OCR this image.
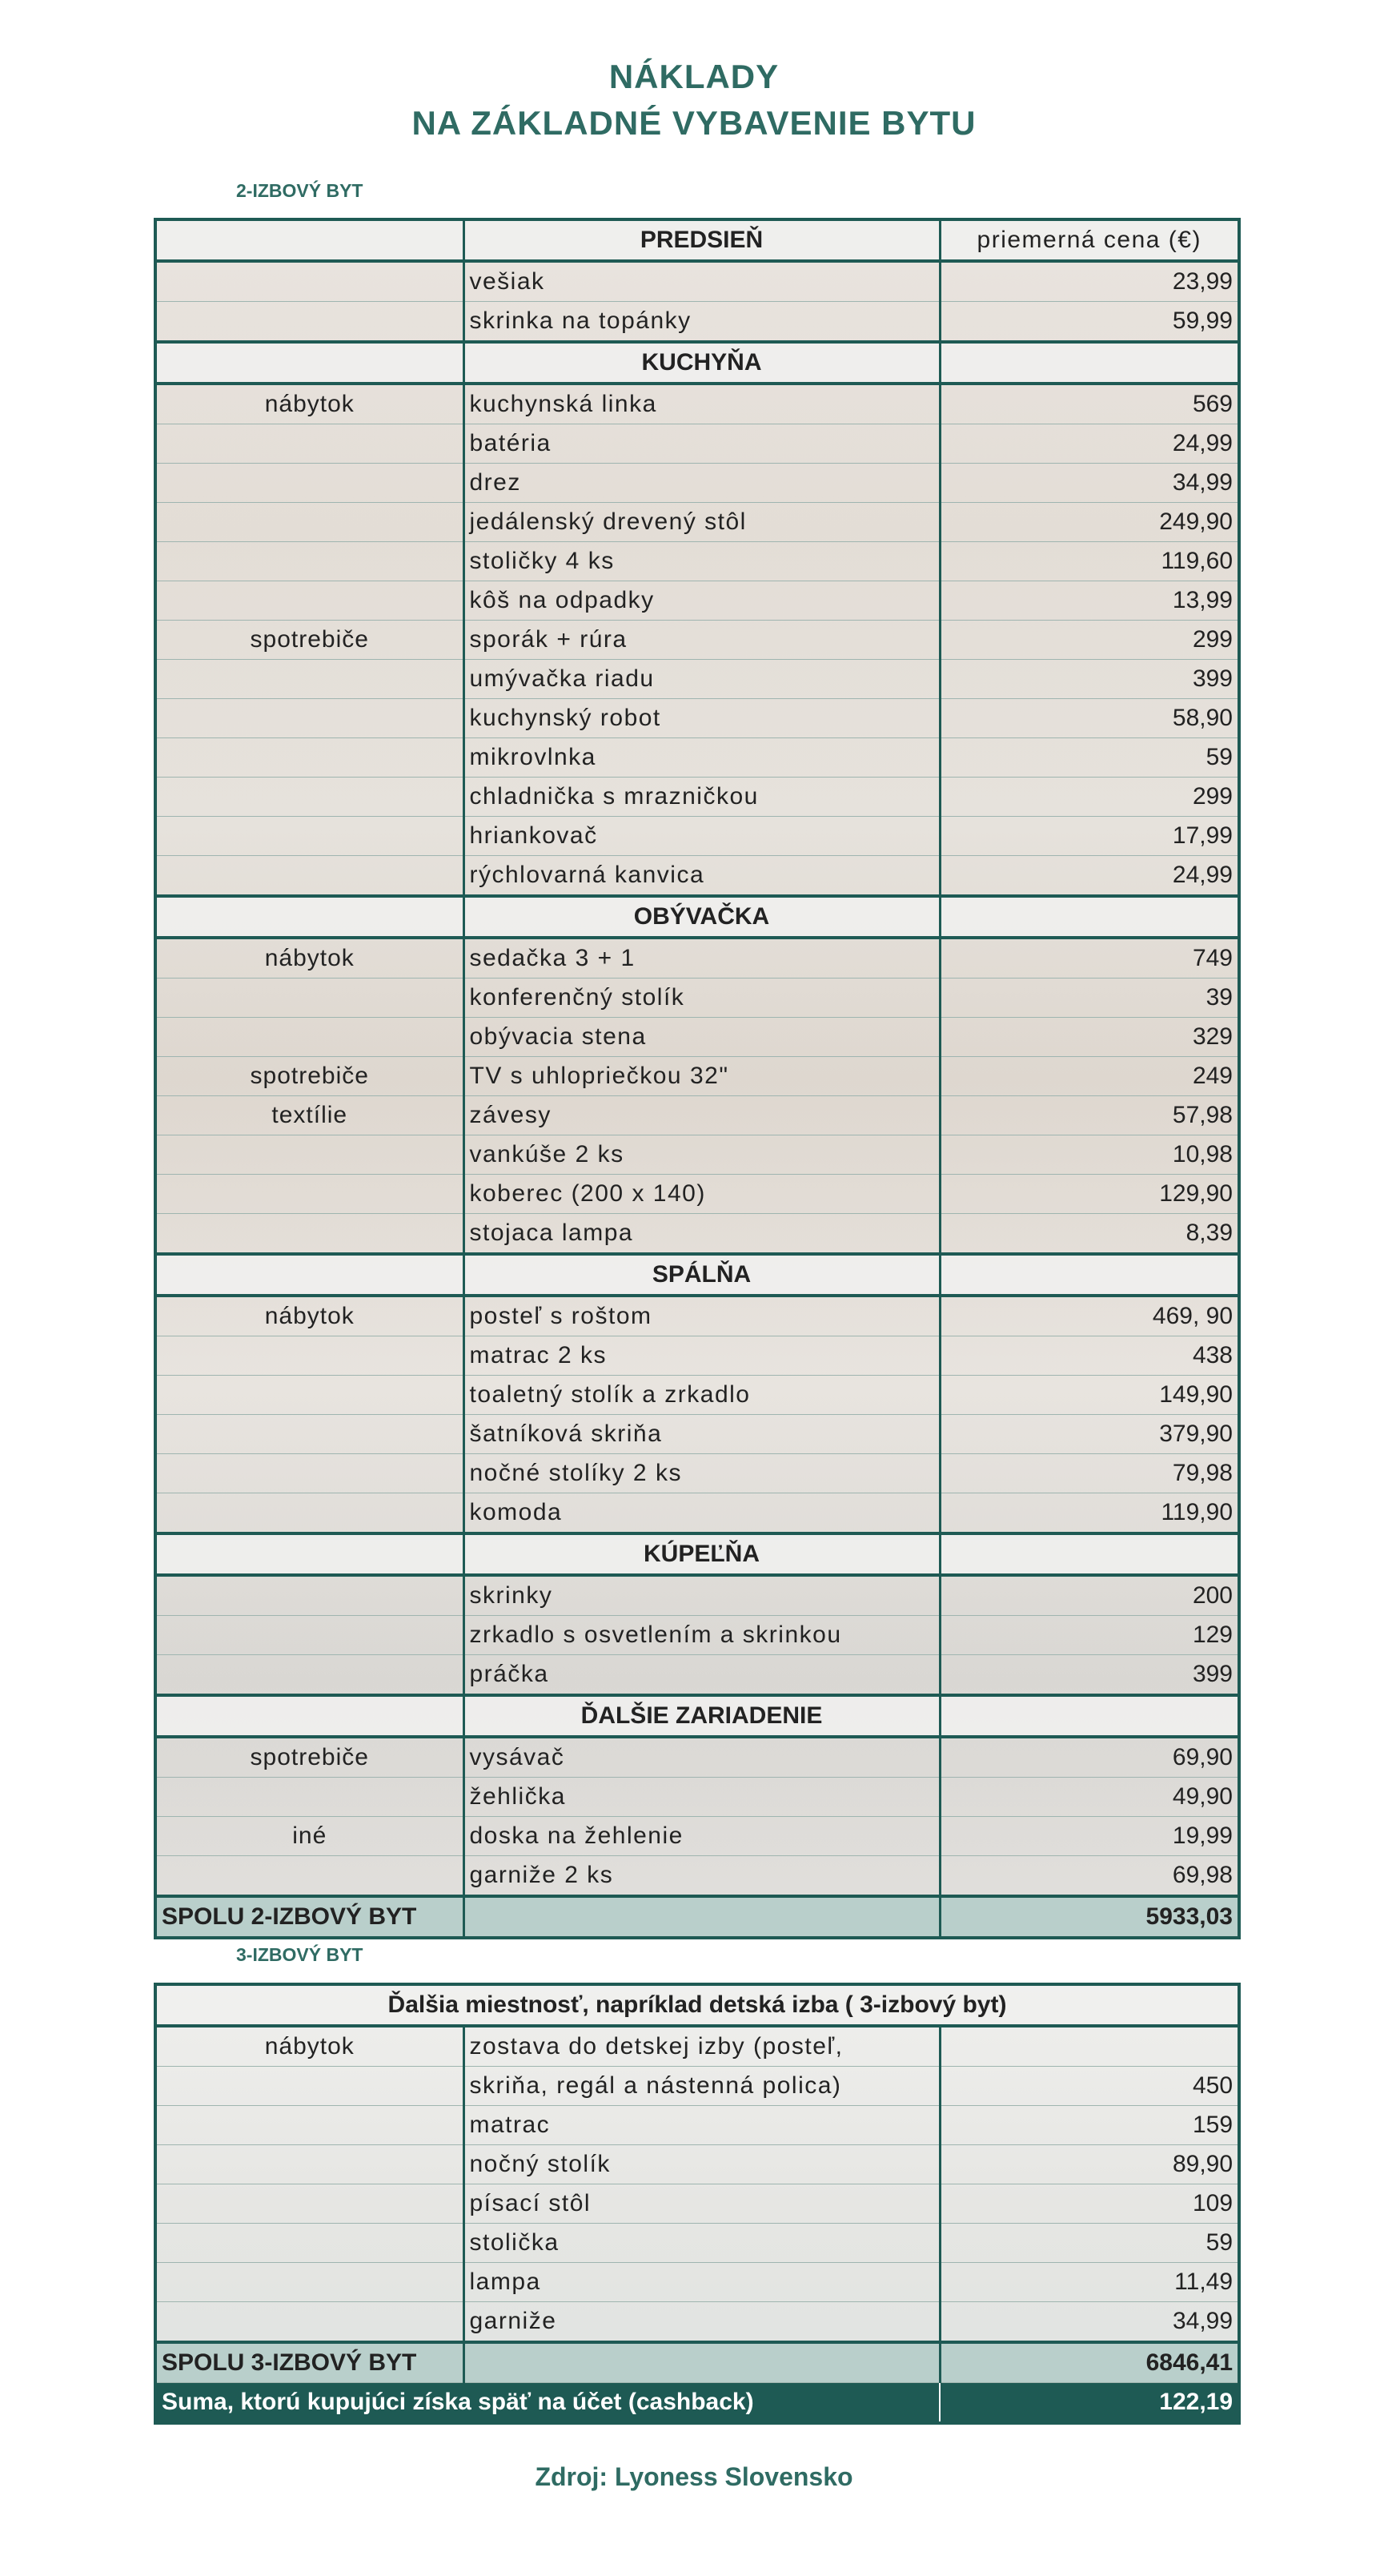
NÁKLADY
NA ZÁKLADNÉ VYBAVENIE BYTU
2-IZBOVÝ BYT
	PREDSIEŇ	priemerná cena (€)
	vešiak	23,99
	skrinka na topánky	59,99
	KUCHYŇA	
nábytok	kuchynská linka	569
	batéria	24,99
	drez	34,99
	jedálenský drevený stôl	249,90
	stoličky 4 ks	119,60
	kôš na odpadky	13,99
spotrebiče	sporák + rúra	299
	umývačka riadu	399
	kuchynský robot	58,90
	mikrovlnka	59
	chladnička s mrazničkou	299
	hriankovač	17,99
	rýchlovarná kanvica	24,99
	OBÝVAČKA	
nábytok	sedačka 3 + 1	749
	konferenčný stolík	39
	obývacia stena	329
spotrebiče	TV s uhlopriečkou 32"	249
textílie	závesy	57,98
	vankúše 2 ks	10,98
	koberec (200 x 140)	129,90
	stojaca lampa	8,39
	SPÁLŇA	
nábytok	posteľ s roštom	469, 90
	matrac 2 ks	438
	toaletný stolík a zrkadlo	149,90
	šatníková skriňa	379,90
	nočné stolíky 2 ks	79,98
	komoda	119,90
	KÚPEĽŇA	
	skrinky	200
	zrkadlo s osvetlením a skrinkou	129
	práčka	399
	ĎALŠIE ZARIADENIE	
spotrebiče	vysávač	69,90
	žehlička	49,90
iné	doska na žehlenie	19,99
	garniže 2 ks	69,98
SPOLU 2-IZBOVÝ BYT		5933,03
3-IZBOVÝ BYT
Ďalšia miestnosť, napríklad detská izba ( 3-izbový byt)		
nábytok	zostava do detskej izby (posteľ,	
	skriňa, regál a nástenná polica)	450
	matrac	159
	nočný stolík	89,90
	písací stôl	109
	stolička	59
	lampa	11,49
	garniže	34,99
SPOLU 3-IZBOVÝ BYT		6846,41
Suma, ktorú kupujúci získa späť na účet (cashback)		122,19
Zdroj: Lyoness Slovensko
